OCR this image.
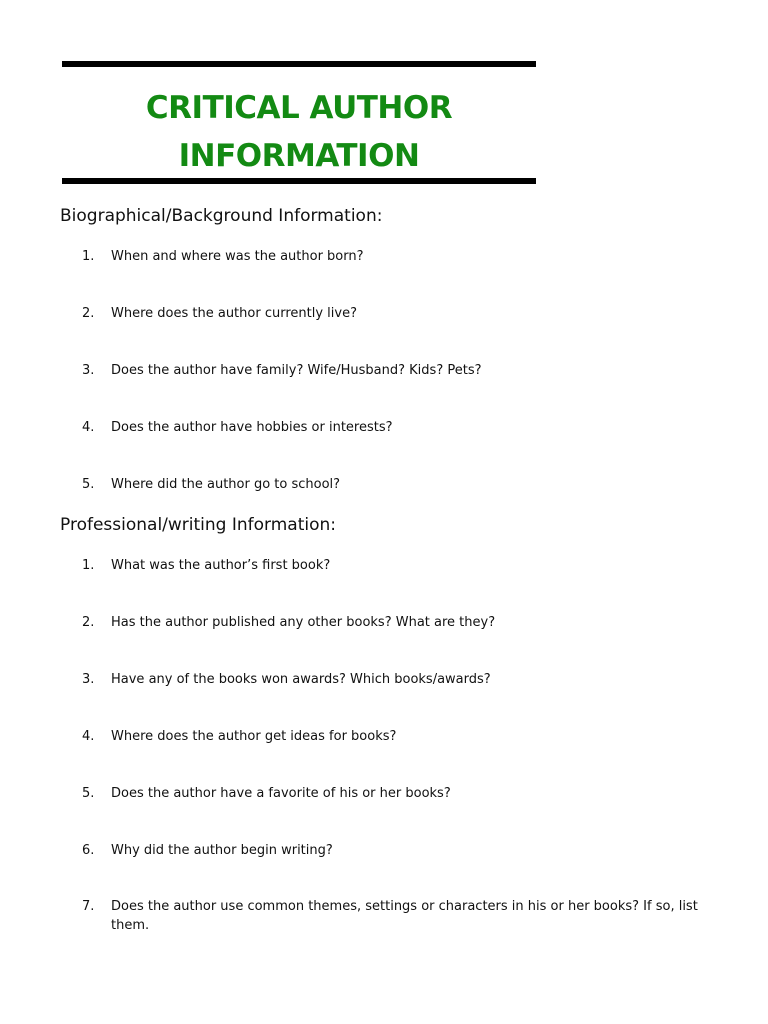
CRITICAL AUTHOR
INFORMATION
Biographical/Background Information:
1. When and where was the author born?
2. Where does the author currently live?
3. Does the author have family? Wife/Husband? Kids? Pets?
4. Does the author have hobbies or interests?
5. Where did the author go to school?
Professional/writing Information:
1. What was the author’s first book?
2. Has the author published any other books? What are they?
3. Have any of the books won awards? Which books/awards?
4. Where does the author get ideas for books?
5. Does the author have a favorite of his or her books?
6. Why did the author begin writing?
7. Does the author use common themes, settings or characters in his or her books? If so, list them.
